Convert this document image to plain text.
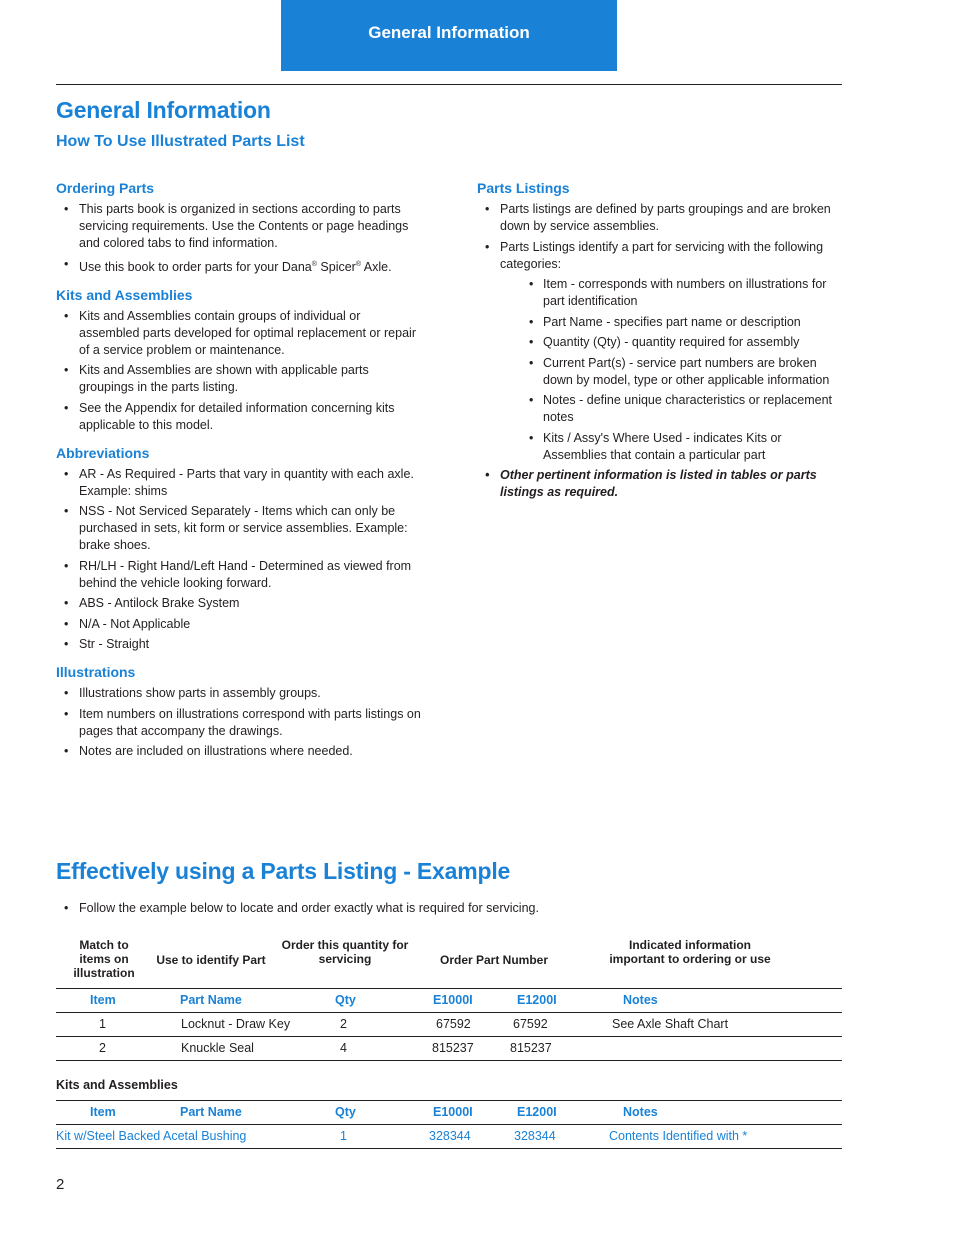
General Information
General Information
How To Use Illustrated Parts List
Ordering Parts
• This parts book is organized in sections according to parts servicing requirements. Use the Contents or page headings and colored tabs to find information.
• Use this book to order parts for your Dana® Spicer® Axle.
Kits and Assemblies
• Kits and Assemblies contain groups of individual or assembled parts developed for optimal replacement or repair of a service problem or maintenance.
• Kits and Assemblies are shown with applicable parts groupings in the parts listing.
• See the Appendix for detailed information concerning kits applicable to this model.
Abbreviations
• AR - As Required - Parts that vary in quantity with each axle. Example: shims
• NSS - Not Serviced Separately - Items which can only be purchased in sets, kit form or service assemblies. Example: brake shoes.
• RH/LH - Right Hand/Left Hand - Determined as viewed from behind the vehicle looking forward.
• ABS - Antilock Brake System
• N/A - Not Applicable
• Str - Straight
Illustrations
• Illustrations show parts in assembly groups.
• Item numbers on illustrations correspond with parts listings on pages that accompany the drawings.
• Notes are included on illustrations where needed.
Parts Listings
• Parts listings are defined by parts groupings and are broken down by service assemblies.
• Parts Listings identify a part for servicing with the following categories:
• Item - corresponds with numbers on illustrations for part identification
• Part Name - specifies part name or description
• Quantity (Qty) - quantity required for assembly
• Current Part(s) - service part numbers are broken down by model, type or other applicable information
• Notes - define unique characteristics or replacement notes
• Kits / Assy's Where Used - indicates Kits or Assemblies that contain a particular part
• Other pertinent information is listed in tables or parts listings as required.
Effectively using a Parts Listing - Example
• Follow the example below to locate and order exactly what is required for servicing.
Match to items on illustration
Use to identify Part
Order this quantity for servicing	Order Part Number
Indicated information important to ordering or use
Item	Part Name	Qty	E1000I	E1200I	Notes
1	Locknut - Draw Key	2	67592	67592	See Axle Shaft Chart
2	Knuckle Seal	4	815237	815237
Kits and Assemblies
Item	Part Name	Qty	E1000I	E1200I	Notes
Kit w/Steel Backed Acetal Bushing	1	328344	328344	Contents Identified with *
2
